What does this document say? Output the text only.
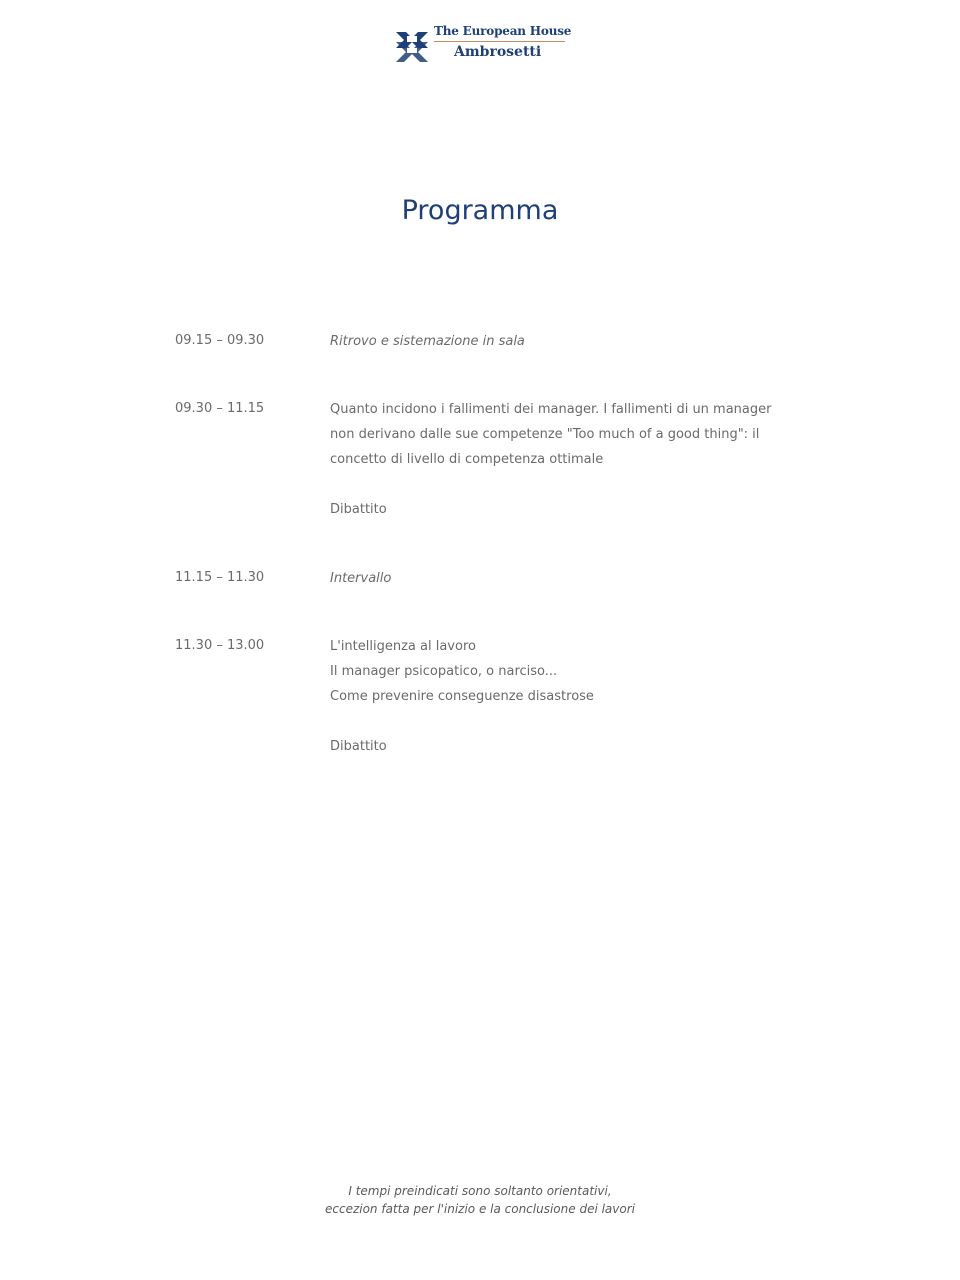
The European House
Ambrosetti
Programma
09.15 – 09.30	Ritrovo e sistemazione in sala

09.30 – 11.15	Quanto incidono i fallimenti dei manager. I fallimenti di un manager

non derivano dalle sue competenze "Too much of a good thing": il

concetto di livello di competenza ottimale

Dibattito

11.15 – 11.30	Intervallo

11.30 – 13.00	L'intelligenza al lavoro

Il manager psicopatico, o narciso...

Come prevenire conseguenze disastrose

Dibattito

I tempi preindicati sono soltanto orientativi,

eccezion fatta per l'inizio e la conclusione dei lavori
